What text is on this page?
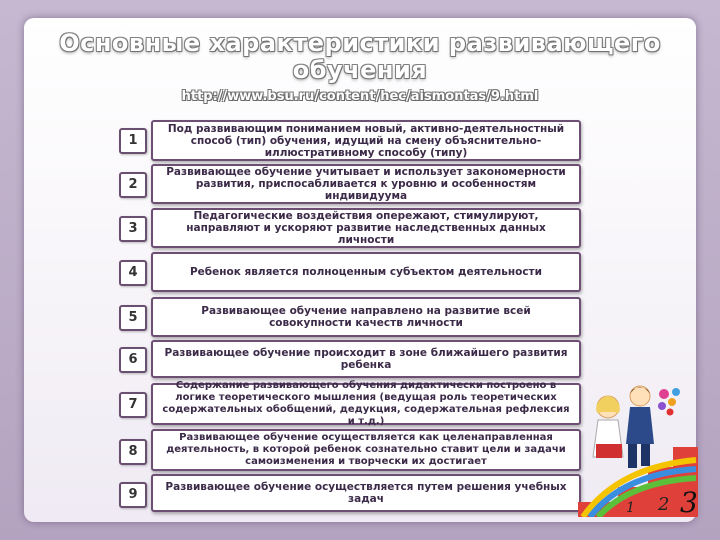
Основные характеристики развивающего обучения
http://www.bsu.ru/content/hec/aismontas/9.html
1
Под развивающим пониманием новый, активно-деятельностный способ (тип) обучения, идущий на смену объяснительно-иллюстративному способу (типу)
2
Развивающее обучение учитывает и использует закономерности развития, приспосабливается к уровню и особенностям индивидуума
3
Педагогические воздействия опережают, стимулируют, направляют и ускоряют развитие наследственных данных личности
4	Ребенок является полноценным субъектом деятельности
5	Развивающее обучение направлено на развитие всей совокупности качеств личности
6	Развивающее обучение происходит в зоне ближайшего развития ребенка
7
Содержание развивающего обучения дидактически построено в логике теоретического мышления (ведущая роль теоретических содержательных обобщений, дедукция, содержательная рефлексия и т.д.)
8
Развивающее обучение осуществляется как целенаправленная деятельность, в которой ребенок сознательно ставит цели и задачи самоизменения и творчески их достигает
9	Развивающее обучение осуществляется путем решения учебных задач
1 2 3
